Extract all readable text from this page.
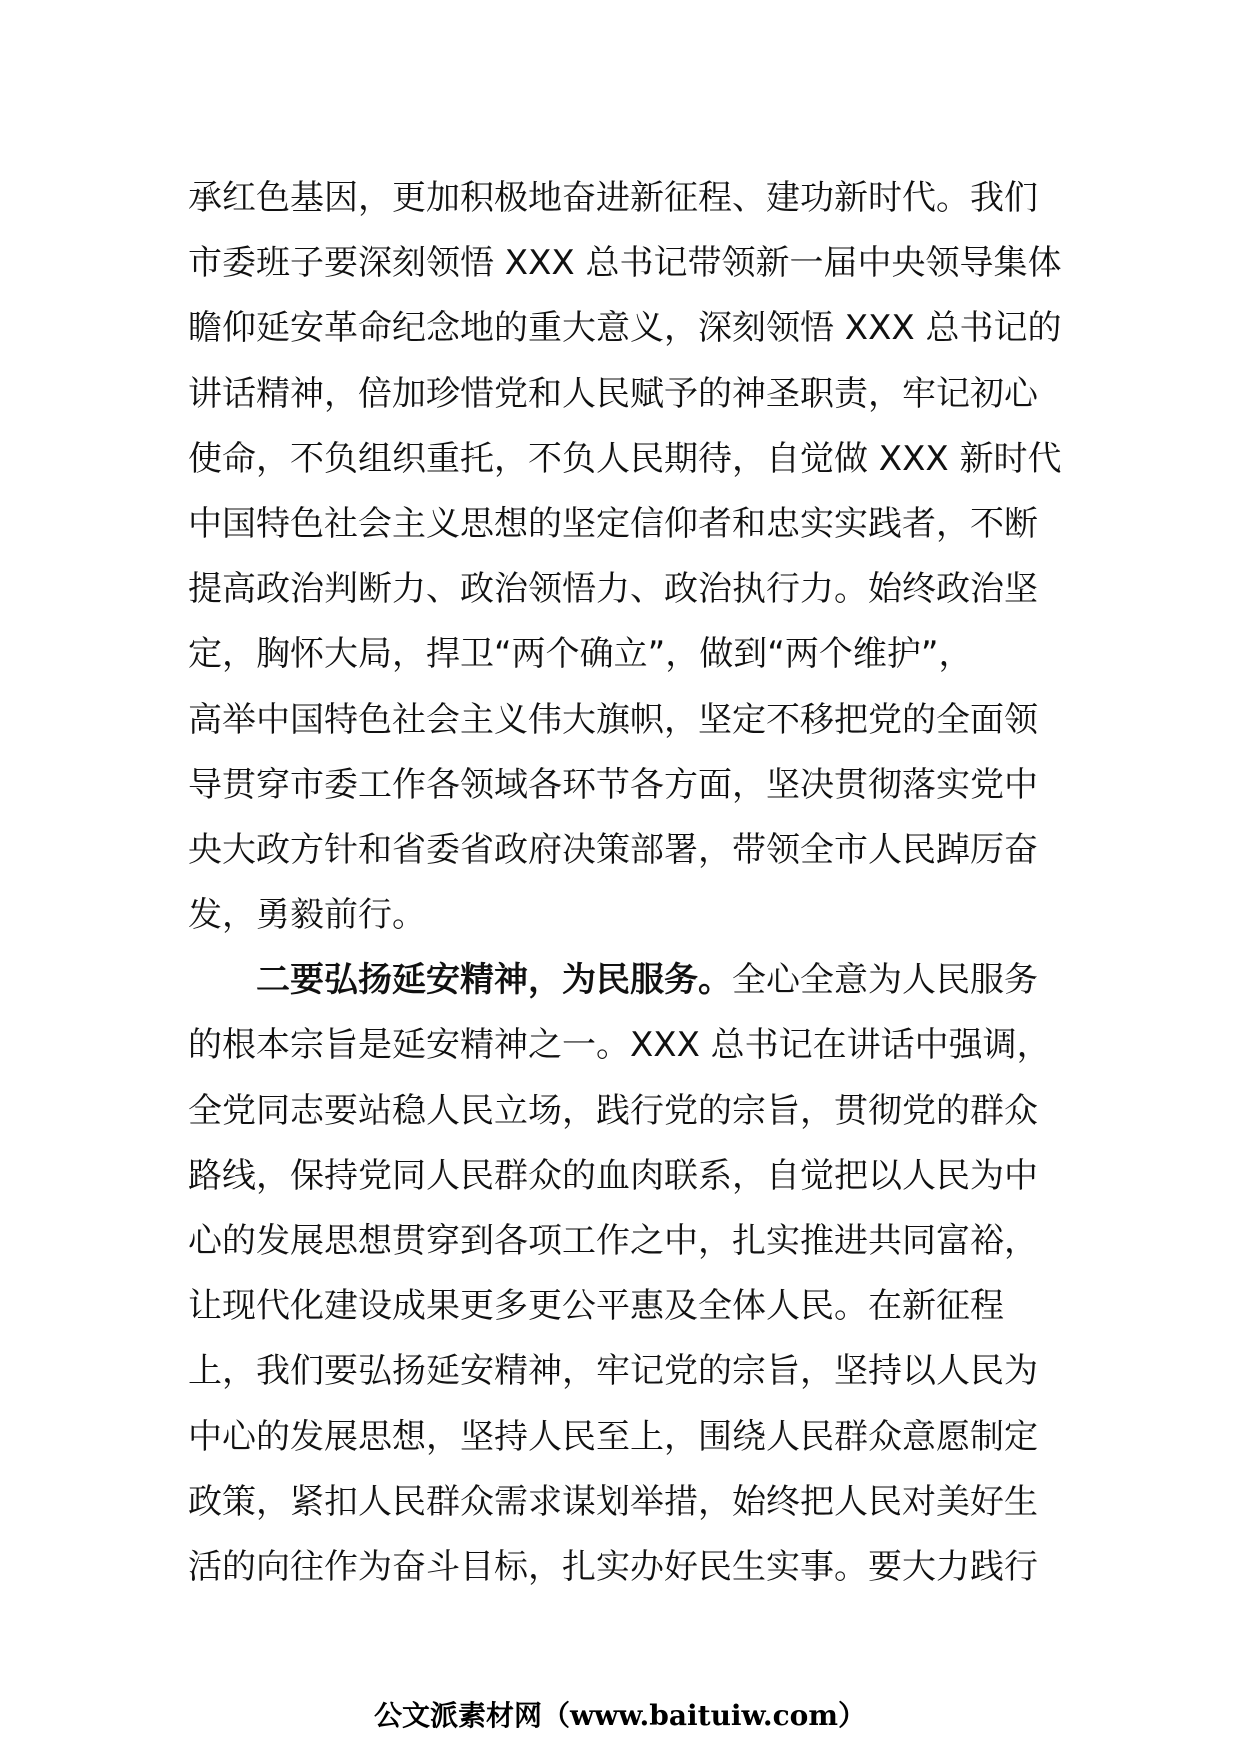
承红色基因，更加积极地奋进新征程、建功新时代。我们
市委班子要深刻领悟 XXX 总书记带领新一届中央领导集体
瞻仰延安革命纪念地的重大意义，深刻领悟 XXX 总书记的
讲话精神，倍加珍惜党和人民赋予的神圣职责，牢记初心
使命，不负组织重托，不负人民期待，自觉做 XXX 新时代
中国特色社会主义思想的坚定信仰者和忠实实践者，不断
提高政治判断力、政治领悟力、政治执行力。始终政治坚
定，胸怀大局，捍卫“两个确立”，做到“两个维护”，
高举中国特色社会主义伟大旗帜，坚定不移把党的全面领
导贯穿市委工作各领域各环节各方面，坚决贯彻落实党中
央大政方针和省委省政府决策部署，带领全市人民踔厉奋
发，勇毅前行。
二要弘扬延安精神，为民服务。全心全意为人民服务
的根本宗旨是延安精神之一。XXX 总书记在讲话中强调，
全党同志要站稳人民立场，践行党的宗旨，贯彻党的群众
路线，保持党同人民群众的血肉联系，自觉把以人民为中
心的发展思想贯穿到各项工作之中，扎实推进共同富裕，
让现代化建设成果更多更公平惠及全体人民。在新征程
上，我们要弘扬延安精神，牢记党的宗旨，坚持以人民为
中心的发展思想，坚持人民至上，围绕人民群众意愿制定
政策，紧扣人民群众需求谋划举措，始终把人民对美好生
活的向往作为奋斗目标，扎实办好民生实事。要大力践行
公文派素材网（www.baituiw.com）
